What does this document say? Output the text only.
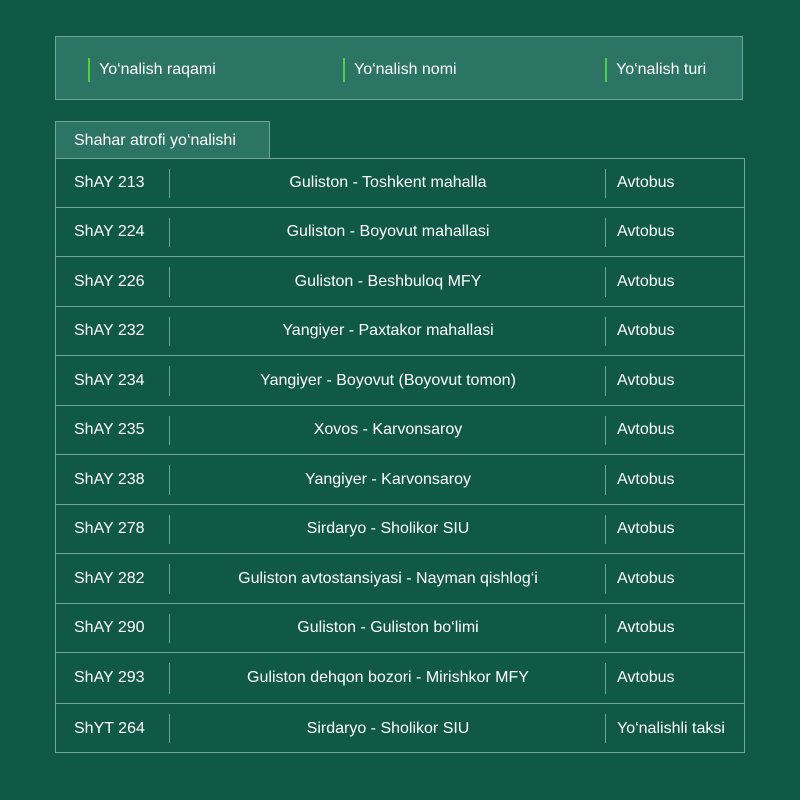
Yo‘nalish raqami	Yo‘nalish nomi	Yo‘nalish turi
Shahar atrofi yo‘nalishi
ShAY 213	Guliston - Toshkent mahalla	Avtobus
ShAY 224	Guliston - Boyovut mahallasi	Avtobus
ShAY 226	Guliston - Beshbuloq MFY	Avtobus
ShAY 232	Yangiyer - Paxtakor mahallasi	Avtobus
ShAY 234	Yangiyer - Boyovut (Boyovut tomon)	Avtobus
ShAY 235	Xovos - Karvonsaroy	Avtobus
ShAY 238	Yangiyer - Karvonsaroy	Avtobus
ShAY 278	Sirdaryo - Sholikor SIU	Avtobus
ShAY 282	Guliston avtostansiyasi - Nayman qishlog‘i	Avtobus
ShAY 290	Guliston - Guliston bo‘limi	Avtobus
ShAY 293	Guliston dehqon bozori - Mirishkor MFY	Avtobus
ShYT 264	Sirdaryo - Sholikor SIU	Yo‘nalishli taksi
